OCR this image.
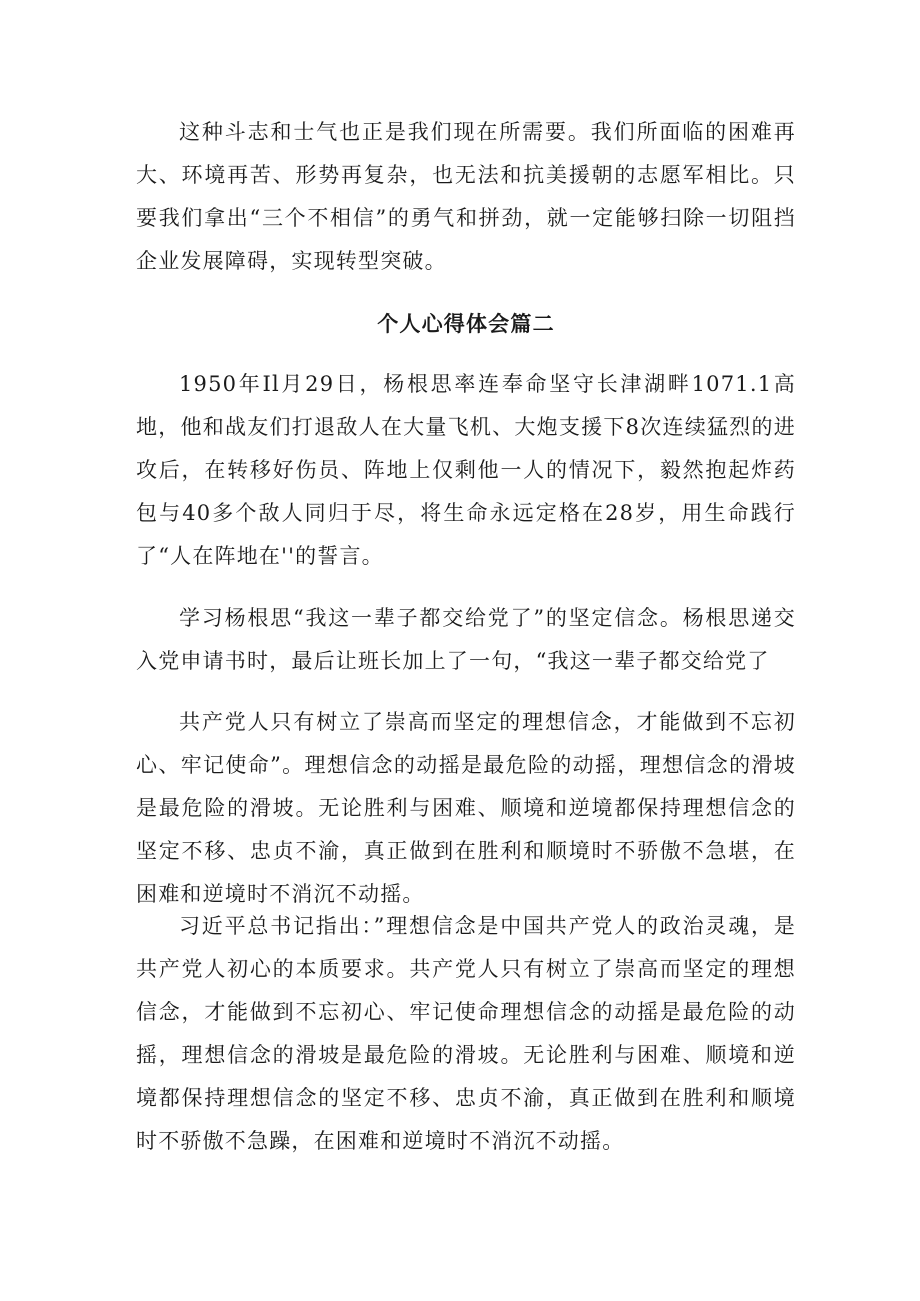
这种斗志和士气也正是我们现在所需要。我们所面临的困难再大、环境再苦、形势再复杂，也无法和抗美援朝的志愿军相比。只要我们拿出“三个不相信”的勇气和拼劲，就一定能够扫除一切阻挡企业发展障碍，实现转型突破。

个人心得体会篇二

1950年Il月29日，杨根思率连奉命坚守长津湖畔1071.1高地，他和战友们打退敌人在大量飞机、大炮支援下8次连续猛烈的进攻后，在转移好伤员、阵地上仅剩他一人的情况下，毅然抱起炸药包与40多个敌人同归于尽，将生命永远定格在28岁，用生命践行了“人在阵地在''的誓言。

学习杨根思“我这一辈子都交给党了”的坚定信念。杨根思递交入党申请书时，最后让班长加上了一句，“我这一辈子都交给党了

共产党人只有树立了崇高而坚定的理想信念，才能做到不忘初心、牢记使命”。理想信念的动摇是最危险的动摇，理想信念的滑坡是最危险的滑坡。无论胜利与困难、顺境和逆境都保持理想信念的坚定不移、忠贞不渝，真正做到在胜利和顺境时不骄傲不急堪，在困难和逆境时不消沉不动摇。

习近平总书记指出：”理想信念是中国共产党人的政治灵魂，是共产党人初心的本质要求。共产党人只有树立了崇高而坚定的理想信念，才能做到不忘初心、牢记使命理想信念的动摇是最危险的动摇，理想信念的滑坡是最危险的滑坡。无论胜利与困难、顺境和逆境都保持理想信念的坚定不移、忠贞不渝，真正做到在胜利和顺境时不骄傲不急躁，在困难和逆境时不消沉不动摇。
